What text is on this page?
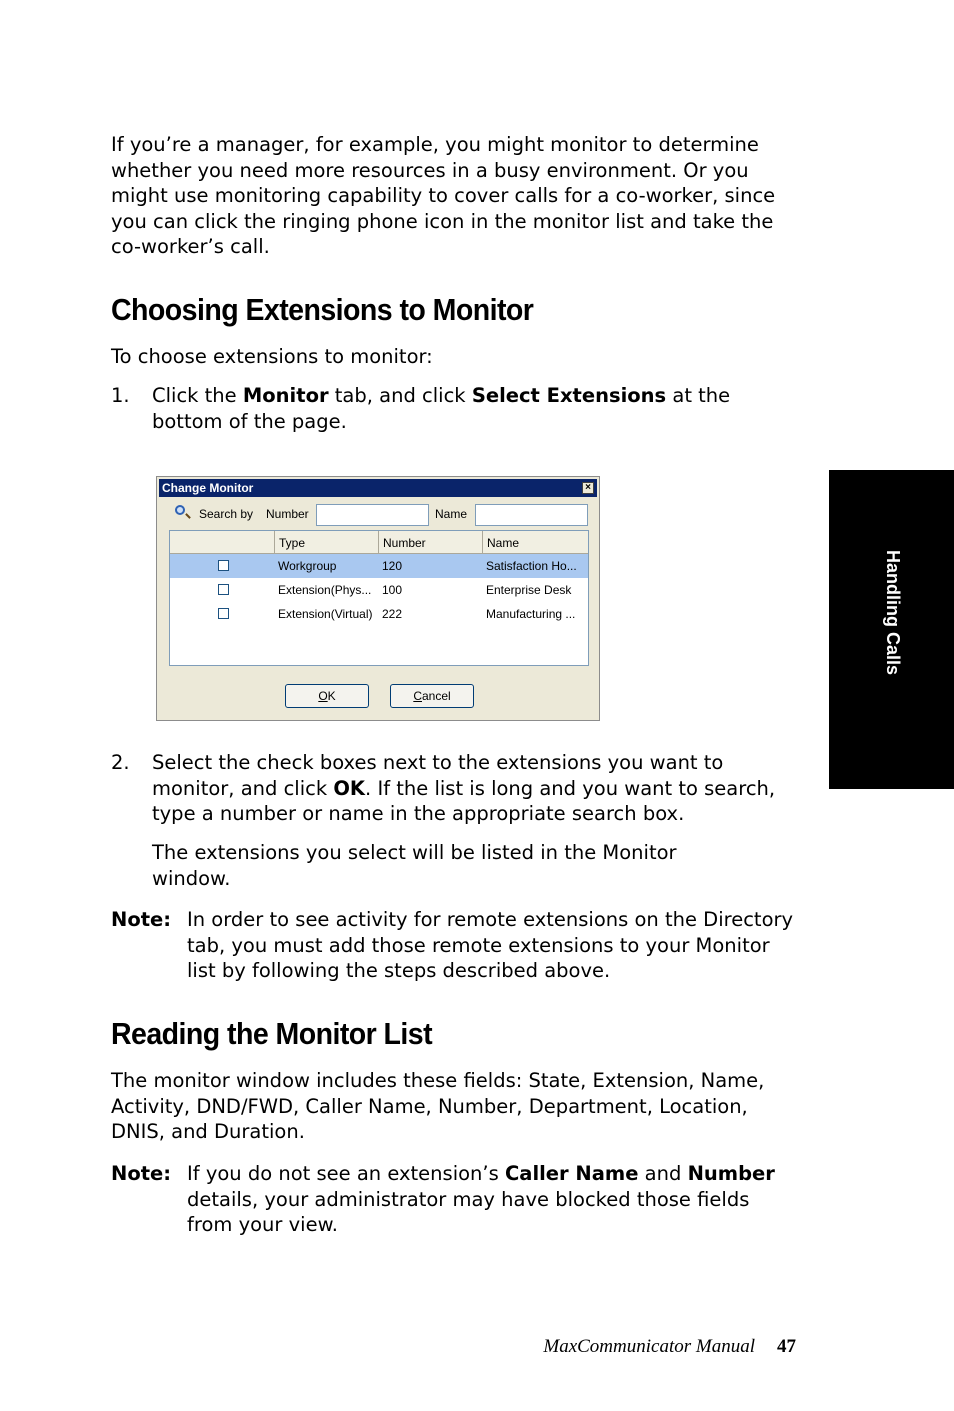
If you’re a manager, for example, you might monitor to determine whether you need more resources in a busy environment. Or you might use monitoring capability to cover calls for a co-worker, since you can click the ringing phone icon in the monitor list and take the co-worker’s call.

Choosing Extensions to Monitor

To choose extensions to monitor:

1. Click the Monitor tab, and click Select Extensions at the bottom of the page.

Change Monitor	×
Search by Number	Name
Type	Number	Name
Workgroup	120	Satisfaction Ho...
Extension(Phys... 100	Enterprise Desk
Extension(Virtual) 222	Manufacturing ...
OK	Cancel
2. Select the check boxes next to the extensions you want to monitor, and click OK. If the list is long and you want to search, type a number or name in the appropriate search box.

The extensions you select will be listed in the Monitor window.

Note: In order to see activity for remote extensions on the Directory tab, you must add those remote extensions to your Monitor list by following the steps described above.

Reading the Monitor List

The monitor window includes these fields: State, Extension, Name, Activity, DND/FWD, Caller Name, Number, Department, Location, DNIS, and Duration.

Note: If you do not see an extension’s Caller Name and Number details, your administrator may have blocked those fields from your view.

Handling Calls
MaxCommunicator Manual 47
